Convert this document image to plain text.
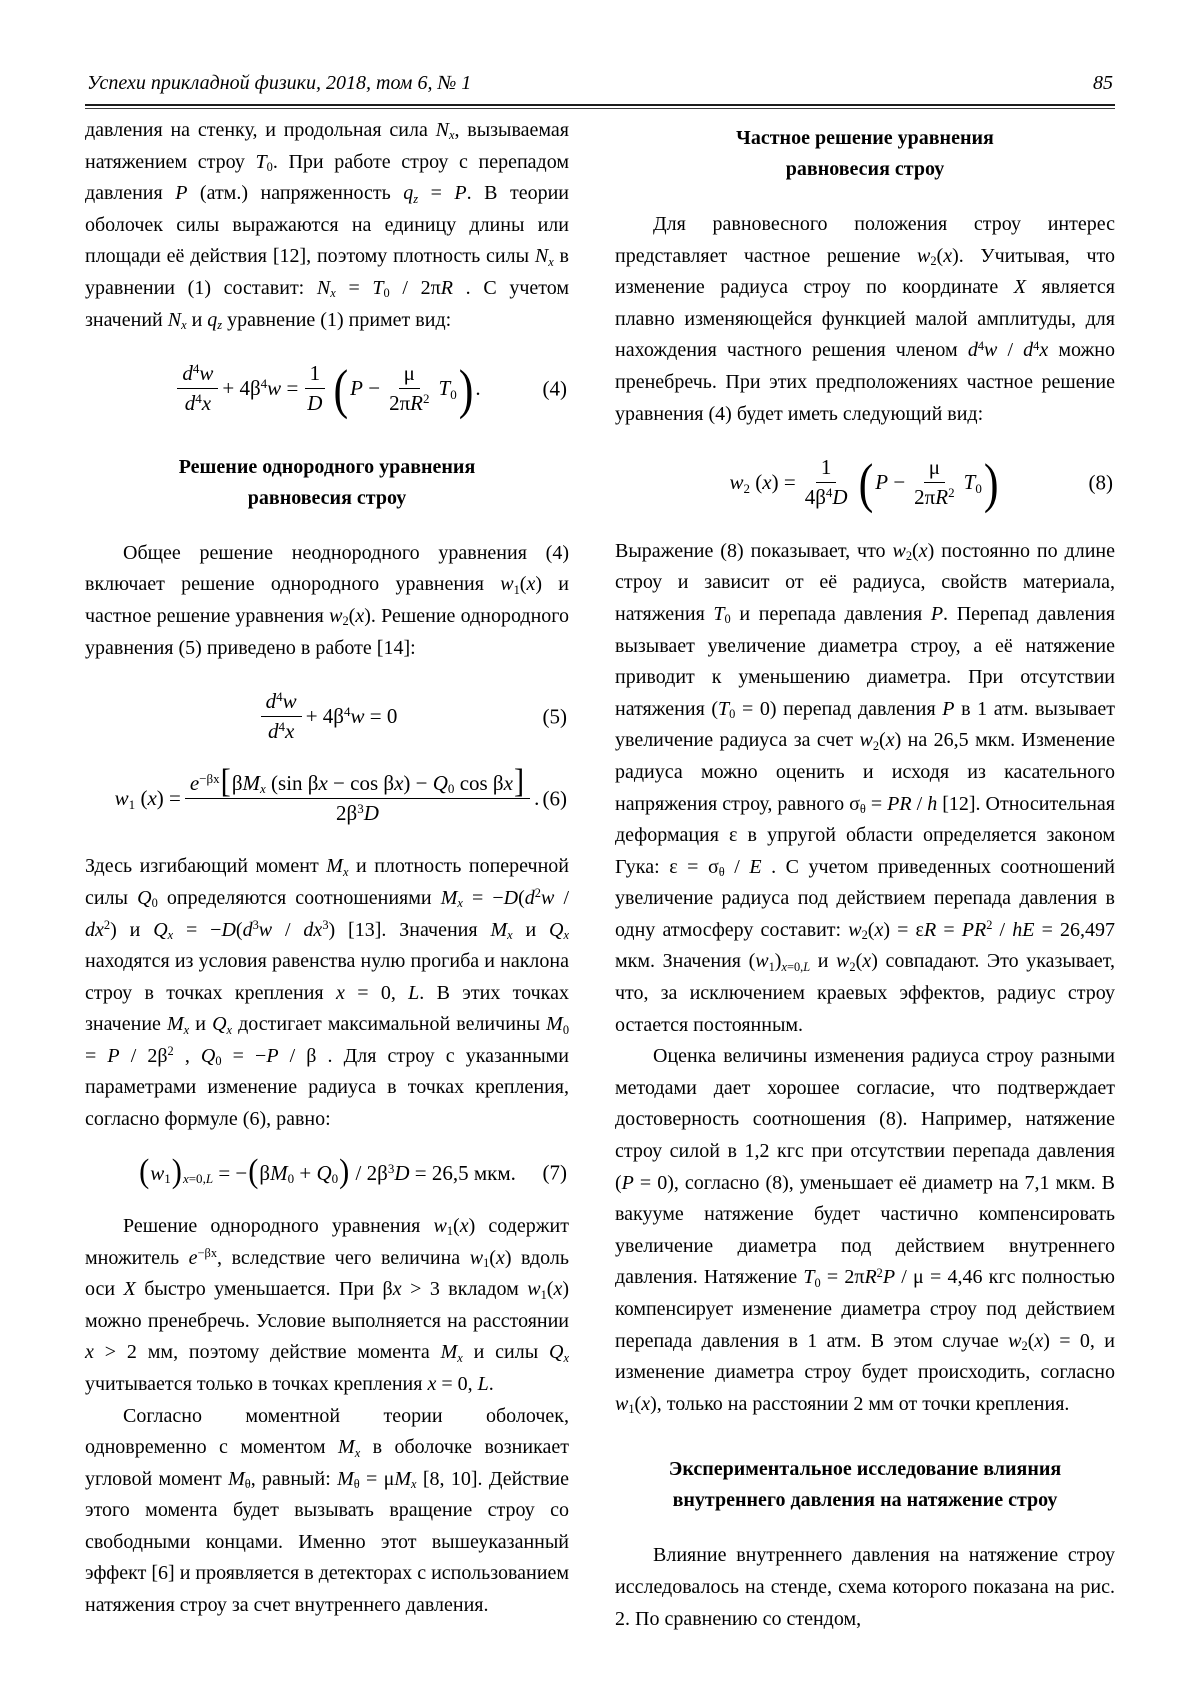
Успехи прикладной физики, 2018, том 6, № 1	85

давления на стенку, и продольная сила $N_x$, вызываемая натяжением строу $T_0$. При работе строу с перепадом давления P (атм.) напряженность $q_z = P$. В теории оболочек силы выражаются на единицу длины или площади её действия [12], поэтому плотность силы $N_x$ в уравнении (1) составит: $N_x = T_0 / 2\pi R$ . С учетом значений $N_x$ и $q_z$ уравнение (1) примет вид:

$\frac{d^4w}{d^4x} + 4\beta^4w = \frac{1}{D}$ ( $P - \frac{\mu}{2\pi R^2} T_0$ ) .	(4)

Решение однородного уравнения
равновесия строу

Общее решение неоднородного уравнения (4) включает решение однородного уравнения $w_1(x)$ и частное решение уравнения $w_2(x)$. Решение однородного уравнения (5) приведено в работе [14]:

$\frac{d^4w}{d^4x} + 4\beta^4w = 0$	(5)
$w_1$ $(x) = \frac{e^{-\beta x}[\beta M_x (\sin \beta x - \cos \beta x) - Q_0 \cos \beta x]}{2\beta^3D}$ . (6)

Здесь изгибающий момент $M_x$ и плотность поперечной силы $Q_0$ определяются соотношениями $M_x = -D(d^2w / dx^2)$ и $Q_x = -D(d^3w / dx^3)$ [13]. Значения $M_x$ и $Q_x$ находятся из условия равенства нулю прогиба и наклона строу в точках крепления x = 0, L. В этих точках значение $M_x$ и $Q_x$ достигает максимальной величины $M_0 = P / 2\beta^2$ , $Q_0 = -P / \beta$ . Для строу с указанными параметрами изменение радиуса в точках крепления, согласно формуле (6), равно:

$(w_1)_{x=0,L} = -(\beta M_0 + Q_0) / 2\beta^3D = 26,5$ мкм. (7)

Решение однородного уравнения $w_1(x)$ содержит множитель $e^{-\beta x}$, вследствие чего величина $w_1(x)$ вдоль оси X быстро уменьшается. При βx > 3 вкладом $w_1(x)$ можно пренебречь. Условие выполняется на расстоянии x > 2 мм, поэтому действие момента $M_x$ и силы $Q_x$ учитывается только в точках крепления x = 0, L.

Согласно моментной теории оболочек, одновременно с моментом $M_x$ в оболочке возникает угловой момент $M_\theta$, равный: $M_\theta = \mu M_x$ [8, 10]. Действие этого момента будет вызывать вращение строу со свободными концами. Именно этот вышеуказанный эффект [6] и проявляется в детекторах с использованием натяжения строу за счет внутреннего давления.

Частное решение уравнения
равновесия строу

Для равновесного положения строу интерес представляет частное решение $w_2(x)$. Учитывая, что изменение радиуса строу по координате X является плавно изменяющейся функцией малой амплитуды, для нахождения частного решения членом $d^4w / d^4x$ можно пренебречь. При этих предположениях частное решение уравнения (4) будет иметь следующий вид:

$w_2$ $(x) = \frac{1}{4\beta^4D}$ ( $P - \frac{\mu}{2\pi R^2} T_0$ )	(8)

Выражение (8) показывает, что $w_2(x)$ постоянно по длине строу и зависит от её радиуса, свойств материала, натяжения $T_0$ и перепада давления P. Перепад давления вызывает увеличение диаметра строу, а её натяжение приводит к уменьшению диаметра. При отсутствии натяжения $(T_0 = 0)$ перепад давления P в 1 атм. вызывает увеличение радиуса за счет $w_2(x)$ на 26,5 мкм. Изменение радиуса можно оценить и исходя из касательного напряжения строу, равного $\sigma_\theta$ = PR / h [12]. Относительная деформация ε в упругой области определяется законом Гука: $\varepsilon = \sigma_\theta / E$ . С учетом приведенных соотношений увеличение радиуса под действием перепада давления в одну атмосферу составит: $w_2(x) = \varepsilon R = PR^2$ / hE = 26,497 мкм. Значения $(w_1)_{x=0,L}$ и $w_2(x)$ совпадают. Это указывает, что, за исключением краевых эффектов, радиус строу остается постоянным.

Оценка величины изменения радиуса строу разными методами дает хорошее согласие, что подтверждает достоверность соотношения (8). Например, натяжение строу силой в 1,2 кгс при отсутствии перепада давления (P = 0), согласно (8), уменьшает её диаметр на 7,1 мкм. В вакууме натяжение будет частично компенсировать увеличение диаметра под действием внутреннего давления. Натяжение $T_0 = 2\pi R^2P / \mu = 4,46$ кгс полностью компенсирует изменение диаметра строу под действием перепада давления в 1 атм. В этом случае $w_2(x) = 0$, и изменение диаметра строу будет происходить, согласно $w_1(x)$, только на расстоянии 2 мм от точки крепления.

Экспериментальное исследование влияния
внутреннего давления на натяжение строу

Влияние внутреннего давления на натяжение строу исследовалось на стенде, схема которого показана на рис. 2. По сравнению со стендом,
